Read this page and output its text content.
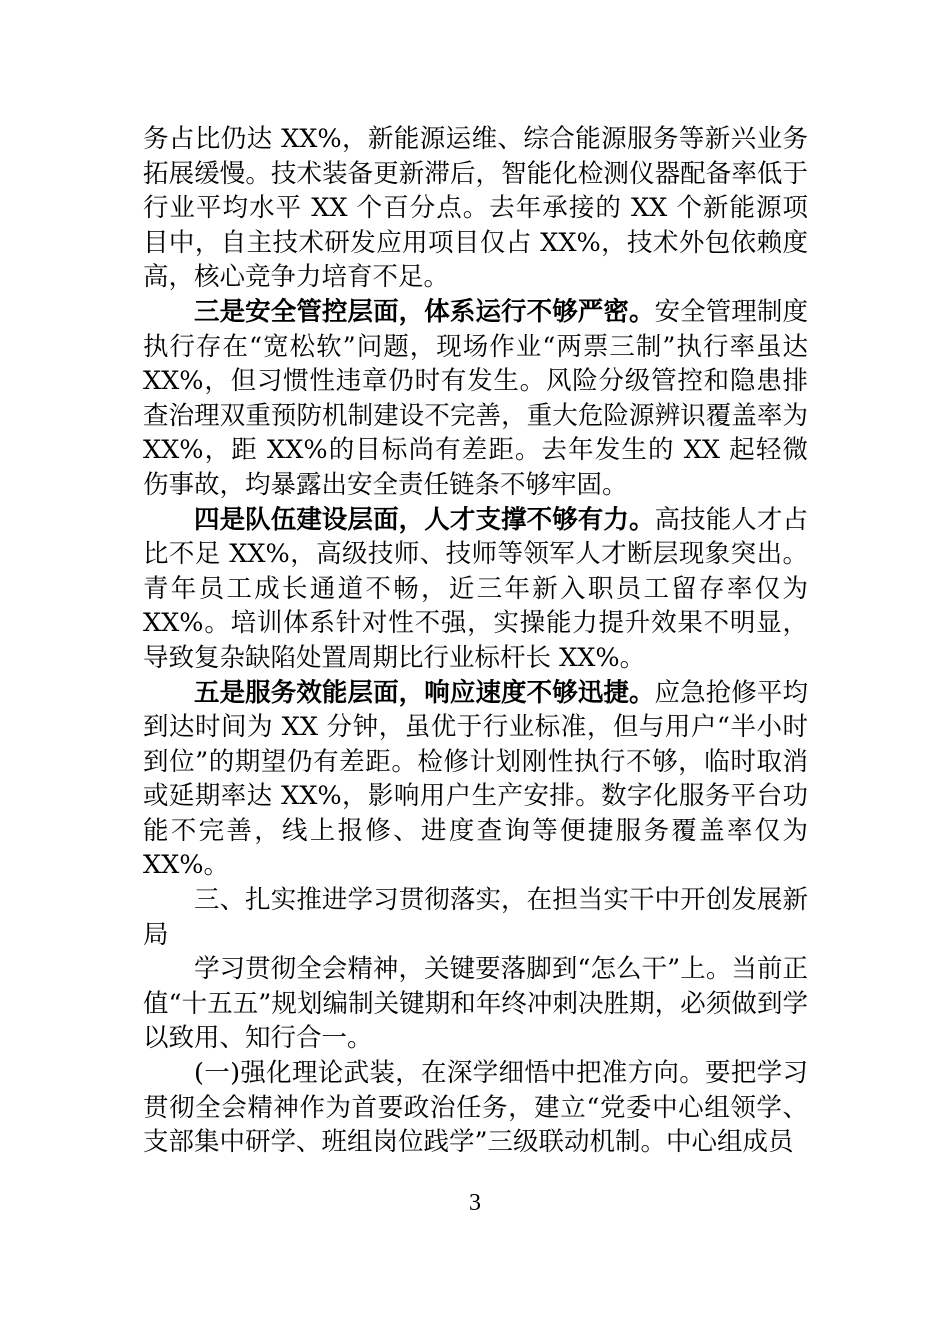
务占比仍达 XX%，新能源运维、综合能源服务等新兴业务拓展缓慢。技术装备更新滞后，智能化检测仪器配备率低于行业平均水平 XX 个百分点。去年承接的 XX 个新能源项目中，自主技术研发应用项目仅占 XX%，技术外包依赖度高，核心竞争力培育不足。

三是安全管控层面，体系运行不够严密。安全管理制度执行存在“宽松软”问题，现场作业“两票三制”执行率虽达 XX%，但习惯性违章仍时有发生。风险分级管控和隐患排查治理双重预防机制建设不完善，重大危险源辨识覆盖率为 XX%，距 XX%的目标尚有差距。去年发生的 XX 起轻微伤事故，均暴露出安全责任链条不够牢固。

四是队伍建设层面，人才支撑不够有力。高技能人才占比不足 XX%，高级技师、技师等领军人才断层现象突出。青年员工成长通道不畅，近三年新入职员工留存率仅为 XX%。培训体系针对性不强，实操能力提升效果不明显，导致复杂缺陷处置周期比行业标杆长 XX%。

五是服务效能层面，响应速度不够迅捷。应急抢修平均到达时间为 XX 分钟，虽优于行业标准，但与用户“半小时到位”的期望仍有差距。检修计划刚性执行不够，临时取消或延期率达 XX%，影响用户生产安排。数字化服务平台功能不完善，线上报修、进度查询等便捷服务覆盖率仅为 XX%。

三、扎实推进学习贯彻落实，在担当实干中开创发展新局

学习贯彻全会精神，关键要落脚到“怎么干”上。当前正值“十五五”规划编制关键期和年终冲刺决胜期，必须做到学以致用、知行合一。

(一)强化理论武装，在深学细悟中把准方向。要把学习贯彻全会精神作为首要政治任务，建立“党委中心组领学、支部集中研学、班组岗位践学”三级联动机制。中心组成员

3
